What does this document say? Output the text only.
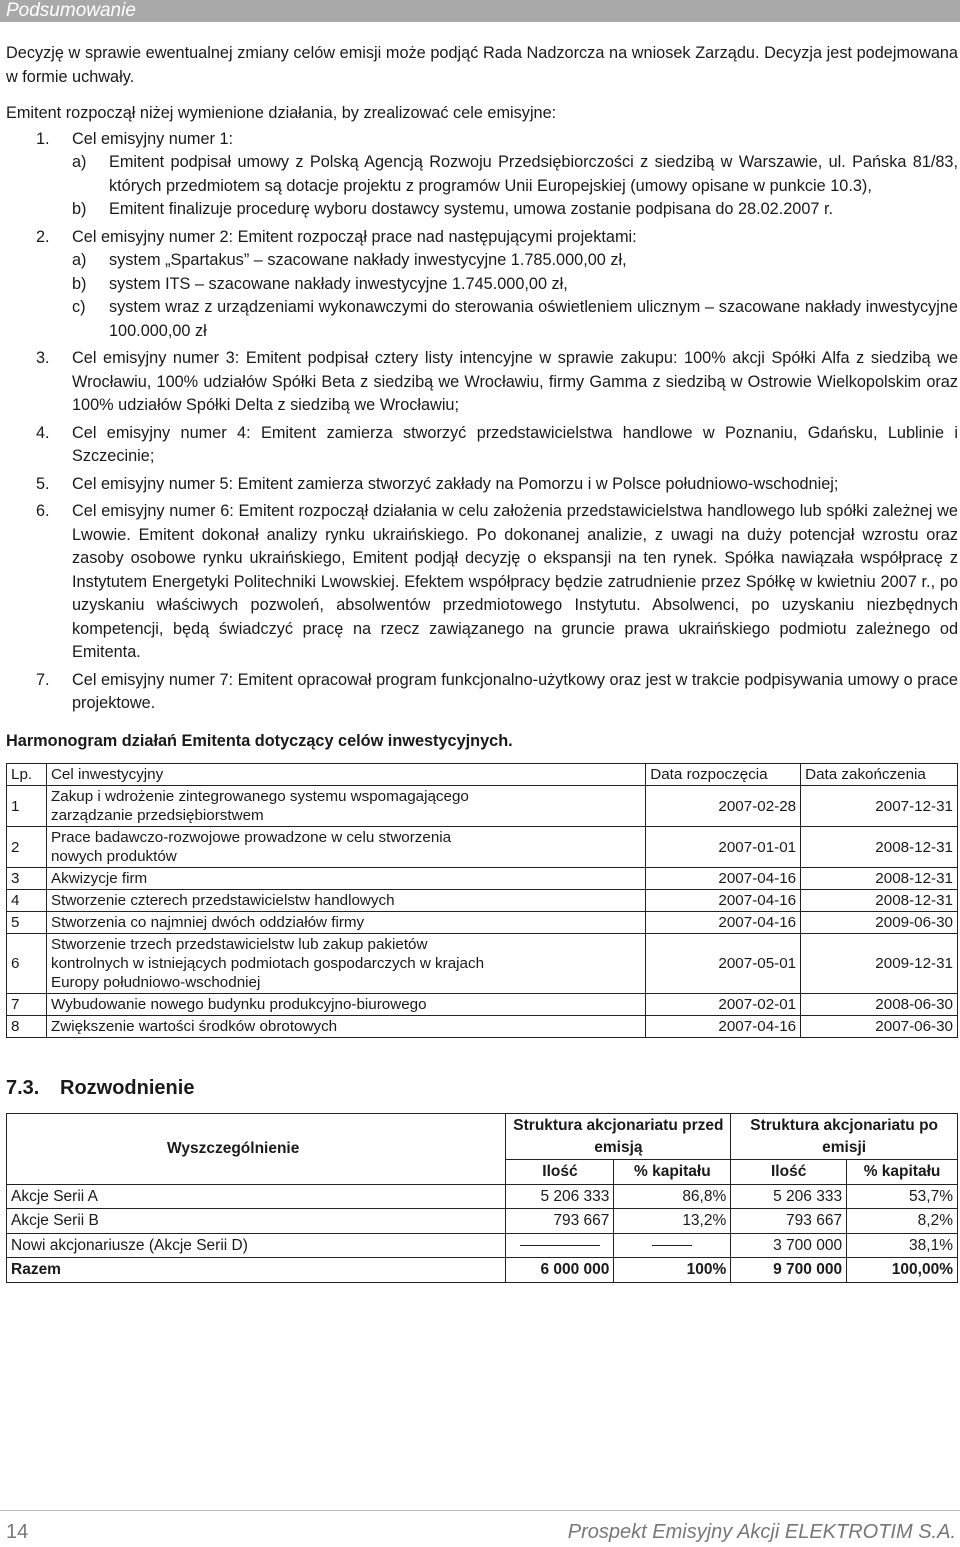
Podsumowanie

Decyzję w sprawie ewentualnej zmiany celów emisji może podjąć Rada Nadzorcza na wniosek Zarządu. Decyzja jest podejmowana w formie uchwały.

Emitent rozpoczął niżej wymienione działania, by zrealizować cele emisyjne:

1.	Cel emisyjny numer 1:
a)	Emitent podpisał umowy z Polską Agencją Rozwoju Przedsiębiorczości z siedzibą w Warszawie, ul. Pańska 81/83, których przedmiotem są dotacje projektu z programów Unii Europejskiej (umowy opisane w punkcie 10.3),
b)	Emitent finalizuje procedurę wyboru dostawcy systemu, umowa zostanie podpisana do 28.02.2007 r.
2.	Cel emisyjny numer 2: Emitent rozpoczął prace nad następującymi projektami:
a)	system „Spartakus” – szacowane nakłady inwestycyjne 1.785.000,00 zł,
b)	system ITS – szacowane nakłady inwestycyjne 1.745.000,00 zł,
c)	system wraz z urządzeniami wykonawczymi do sterowania oświetleniem ulicznym – szacowane nakłady inwestycyjne 100.000,00 zł
3.	Cel emisyjny numer 3: Emitent podpisał cztery listy intencyjne w sprawie zakupu: 100% akcji Spółki Alfa z siedzibą we Wrocławiu, 100% udziałów Spółki Beta z siedzibą we Wrocławiu, firmy Gamma z siedzibą w Ostrowie Wielkopolskim oraz 100% udziałów Spółki Delta z siedzibą we Wrocławiu;
4.	Cel emisyjny numer 4: Emitent zamierza stworzyć przedstawicielstwa handlowe w Poznaniu, Gdańsku, Lublinie i Szczecinie;
5.	Cel emisyjny numer 5: Emitent zamierza stworzyć zakłady na Pomorzu i w Polsce południowo-wschodniej;
6.	Cel emisyjny numer 6: Emitent rozpoczął działania w celu założenia przedstawicielstwa handlowego lub spółki zależnej we Lwowie. Emitent dokonał analizy rynku ukraińskiego. Po dokonanej analizie, z uwagi na duży potencjał wzrostu oraz zasoby osobowe rynku ukraińskiego, Emitent podjął decyzję o ekspansji na ten rynek. Spółka nawiązała współpracę z Instytutem Energetyki Politechniki Lwowskiej. Efektem współpracy będzie zatrudnienie przez Spółkę w kwietniu 2007 r., po uzyskaniu właściwych pozwoleń, absolwentów przedmiotowego Instytutu. Absolwenci, po uzyskaniu niezbędnych kompetencji, będą świadczyć pracę na rzecz zawiązanego na gruncie prawa ukraińskiego podmiotu zależnego od Emitenta.
7.	Cel emisyjny numer 7: Emitent opracował program funkcjonalno-użytkowy oraz jest w trakcie podpisywania umowy o prace projektowe.
Harmonogram działań Emitenta dotyczący celów inwestycyjnych.
Lp.	Cel inwestycyjny	Data rozpoczęcia	Data zakończenia
1	Zakup i wdrożenie zintegrowanego systemu wspomagającego zarządzanie przedsiębiorstwem	2007-02-28	2007-12-31
2	Prace badawczo-rozwojowe prowadzone w celu stworzenia nowych produktów	2007-01-01	2008-12-31
3	Akwizycje firm	2007-04-16	2008-12-31
4	Stworzenie czterech przedstawicielstw handlowych	2007-04-16	2008-12-31
5	Stworzenia co najmniej dwóch oddziałów firmy	2007-04-16	2009-06-30
6	Stworzenie trzech przedstawicielstw lub zakup pakietów kontrolnych w istniejących podmiotach gospodarczych w krajach Europy południowo-wschodniej	2007-05-01	2009-12-31
7	Wybudowanie nowego budynku produkcyjno-biurowego	2007-02-01	2008-06-30
8	Zwiększenie wartości środków obrotowych	2007-04-16	2007-06-30
7.3. Rozwodnienie
Wyszczególnienie	Struktura akcjonariatu przed emisją		Struktura akcjonariatu po emisji	
	Ilość	% kapitału	Ilość	% kapitału
Akcje Serii A	5 206 333	86,8%	5 206 333	53,7%
Akcje Serii B	793 667	13,2%	793 667	8,2%
Nowi akcjonariusze (Akcje Serii D)			3 700 000	38,1%
Razem	6 000 000	100%	9 700 000	100,00%
14	Prospekt Emisyjny Akcji ELEKTROTIM S.A.
